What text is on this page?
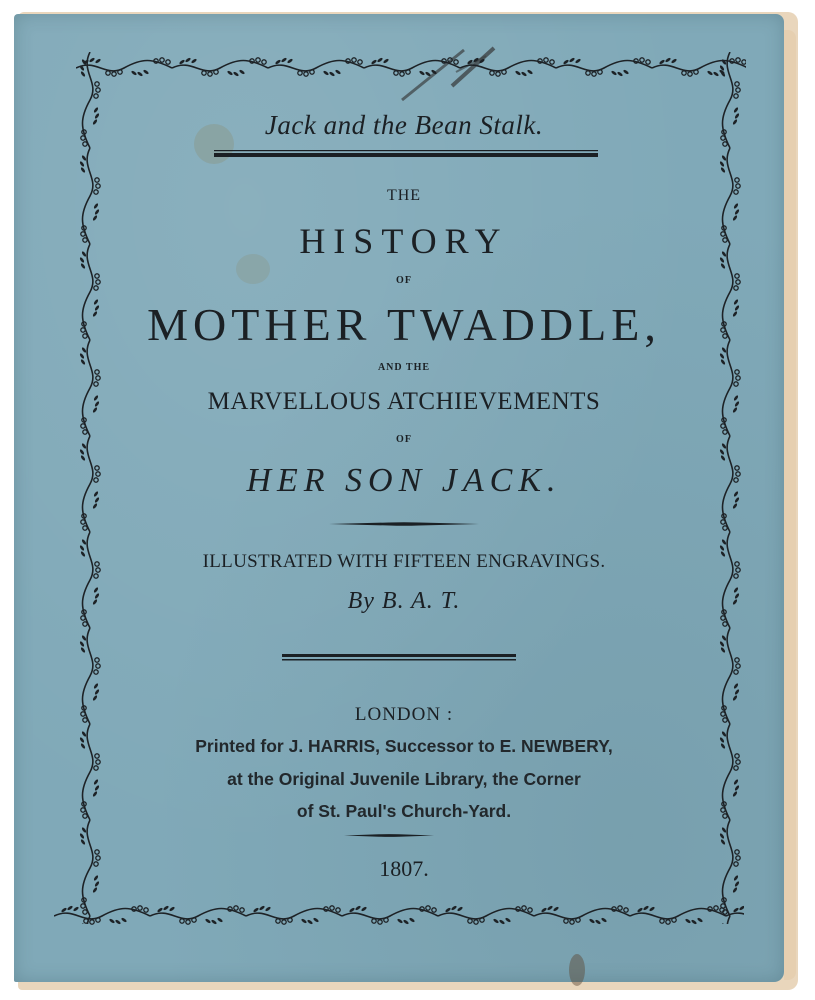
Jack and the Bean Stalk.
THE
HISTORY
OF
MOTHER TWADDLE,
AND THE
MARVELLOUS ATCHIEVEMENTS
OF
HER SON JACK.
ILLUSTRATED WITH FIFTEEN ENGRAVINGS.
By B. A. T.
LONDON :
Printed for J. HARRIS, Successor to E. NEWBERY,
at the Original Juvenile Library, the Corner
of St. Paul's Church-Yard.
1807.
